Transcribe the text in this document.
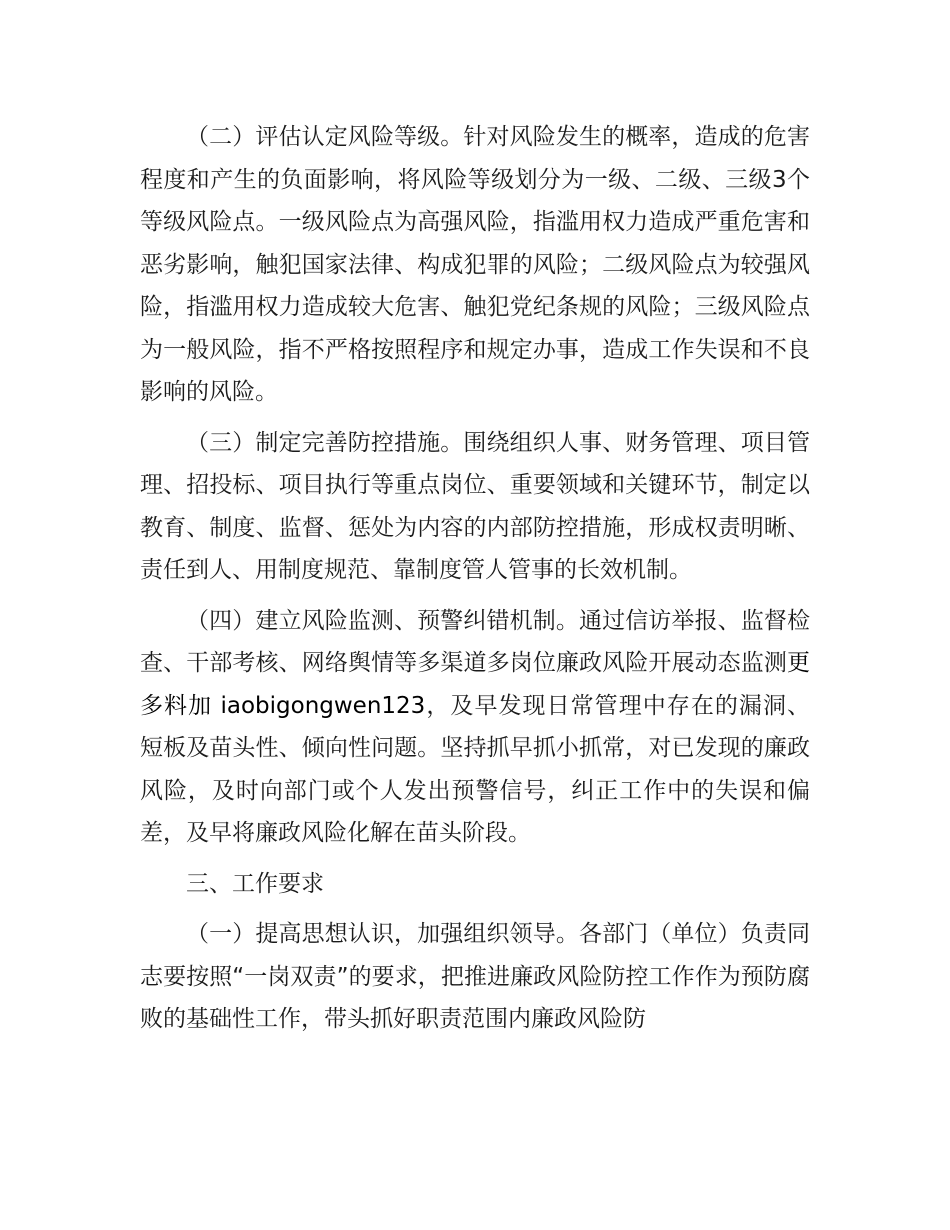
（二）评估认定风险等级。针对风险发生的概率，造成的危害程度和产生的负面影响，将风险等级划分为一级、二级、三级3个等级风险点。一级风险点为高强风险，指滥用权力造成严重危害和恶劣影响，触犯国家法律、构成犯罪的风险；二级风险点为较强风险，指滥用权力造成较大危害、触犯党纪条规的风险；三级风险点为一般风险，指不严格按照程序和规定办事，造成工作失误和不良影响的风险。

（三）制定完善防控措施。围绕组织人事、财务管理、项目管理、招投标、项目执行等重点岗位、重要领域和关键环节，制定以教育、制度、监督、惩处为内容的内部防控措施，形成权责明晰、责任到人、用制度规范、靠制度管人管事的长效机制。

（四）建立风险监测、预警纠错机制。通过信访举报、监督检查、干部考核、网络舆情等多渠道多岗位廉政风险开展动态监测更多料加 iaobigongwen123，及早发现日常管理中存在的漏洞、短板及苗头性、倾向性问题。坚持抓早抓小抓常，对已发现的廉政风险，及时向部门或个人发出预警信号，纠正工作中的失误和偏差，及早将廉政风险化解在苗头阶段。

三、工作要求

（一）提高思想认识，加强组织领导。各部门（单位）负责同志要按照“一岗双责”的要求，把推进廉政风险防控工作作为预防腐败的基础性工作，带头抓好职责范围内廉政风险防
